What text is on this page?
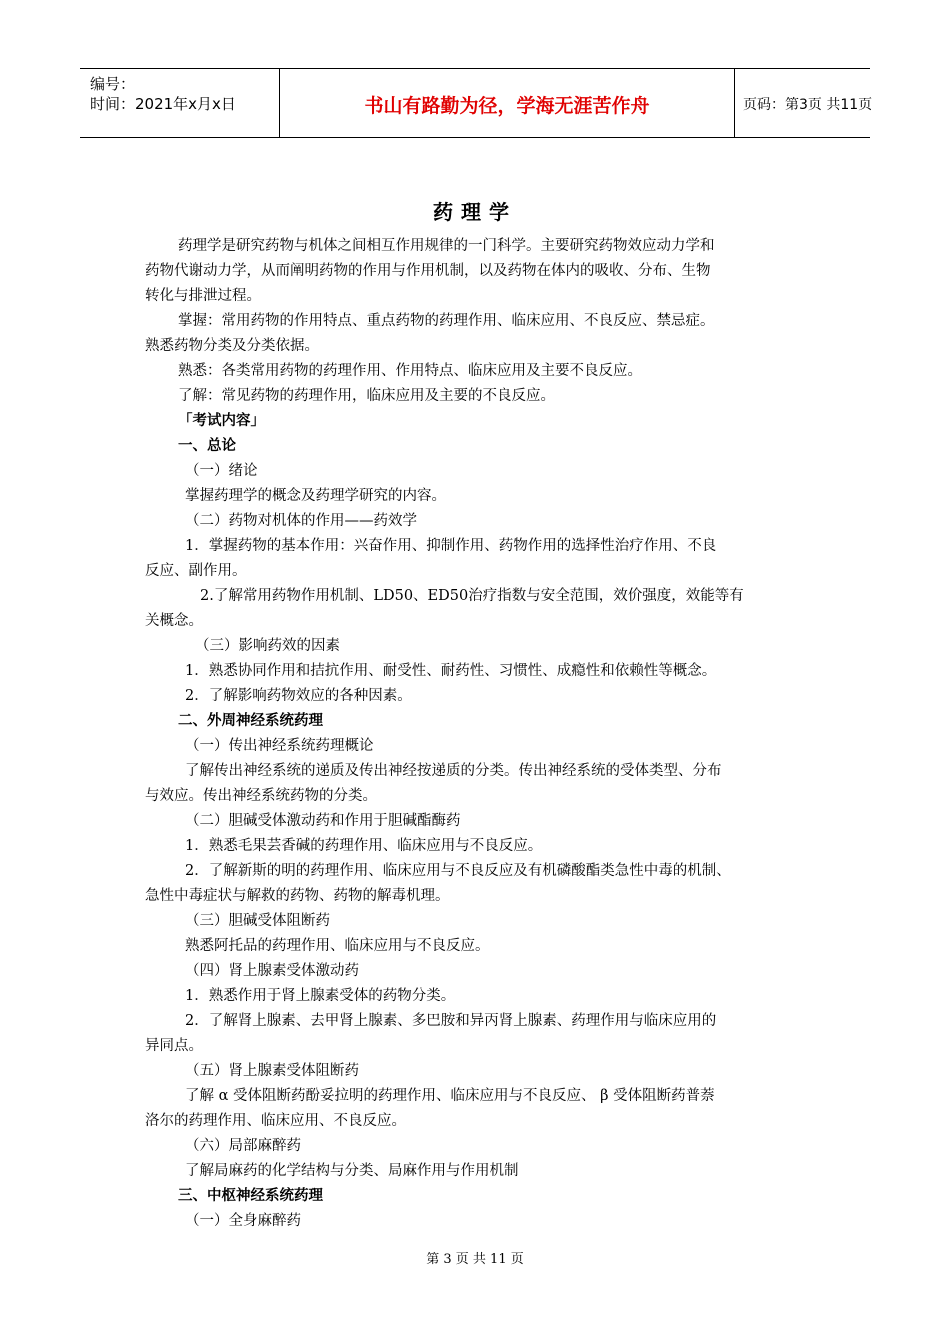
编号：
时间：2021年x月x日	书山有路勤为径，学海无涯苦作舟	页码：第3页 共11页
药理学
药理学是研究药物与机体之间相互作用规律的一门科学。主要研究药物效应动力学和
药物代谢动力学，从而阐明药物的作用与作用机制，以及药物在体内的吸收、分布、生物
转化与排泄过程。
掌握：常用药物的作用特点、重点药物的药理作用、临床应用、不良反应、禁忌症。
熟悉药物分类及分类依据。
熟悉：各类常用药物的药理作用、作用特点、临床应用及主要不良反应。
了解：常见药物的药理作用，临床应用及主要的不良反应。
「考试内容」
一、总论
（一）绪论
掌握药理学的概念及药理学研究的内容。
（二）药物对机体的作用——药效学
1．掌握药物的基本作用：兴奋作用、抑制作用、药物作用的选择性治疗作用、不良
反应、副作用。
2.了解常用药物作用机制、LD50、ED50治疗指数与安全范围，效价强度，效能等有
关概念。
（三）影响药效的因素
1．熟悉协同作用和拮抗作用、耐受性、耐药性、习惯性、成瘾性和依赖性等概念。
2．了解影响药物效应的各种因素。
二、外周神经系统药理
（一）传出神经系统药理概论
了解传出神经系统的递质及传出神经按递质的分类。传出神经系统的受体类型、分布
与效应。传出神经系统药物的分类。
（二）胆碱受体激动药和作用于胆碱酯酶药
1．熟悉毛果芸香碱的药理作用、临床应用与不良反应。
2．了解新斯的明的药理作用、临床应用与不良反应及有机磷酸酯类急性中毒的机制、
急性中毒症状与解救的药物、药物的解毒机理。
（三）胆碱受体阻断药
熟悉阿托品的药理作用、临床应用与不良反应。
（四）肾上腺素受体激动药
1．熟悉作用于肾上腺素受体的药物分类。
2．了解肾上腺素、去甲肾上腺素、多巴胺和异丙肾上腺素、药理作用与临床应用的
异同点。
（五）肾上腺素受体阻断药
了解 α 受体阻断药酚妥拉明的药理作用、临床应用与不良反应、 β 受体阻断药普萘
洛尔的药理作用、临床应用、不良反应。
（六）局部麻醉药
了解局麻药的化学结构与分类、局麻作用与作用机制
三、中枢神经系统药理
（一）全身麻醉药
第 3 页 共 11 页
